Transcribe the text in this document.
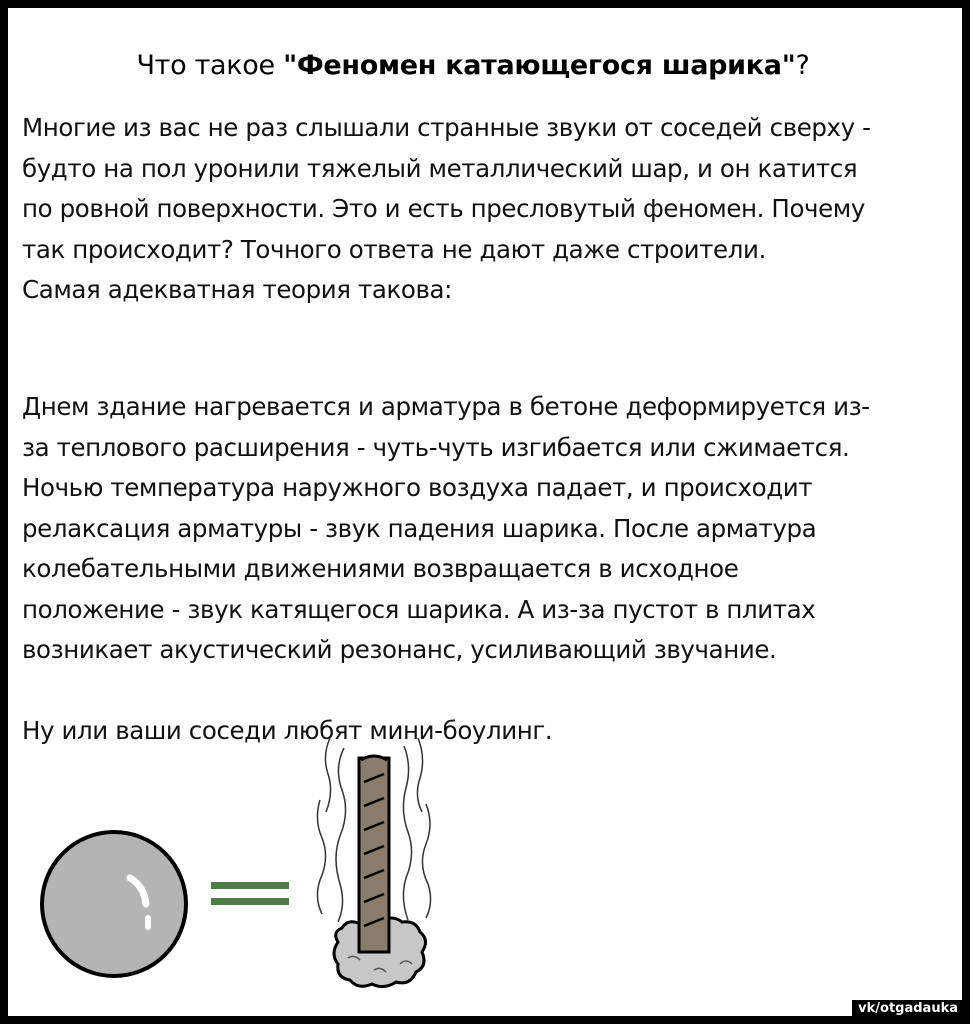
Что такое "Феномен катающегося шарика"?

Многие из вас не раз слышали странные звуки от соседей сверху -

будто на пол уронили тяжелый металлический шар, и он катится

по ровной поверхности. Это и есть пресловутый феномен. Почему

так происходит? Точного ответа не дают даже строители.

Самая адекватная теория такова:

Днем здание нагревается и арматура в бетоне деформируется из-

за теплового расширения - чуть-чуть изгибается или сжимается.

Ночью температура наружного воздуха падает, и происходит

релаксация арматуры - звук падения шарика. После арматура

колебательными движениями возвращается в исходное

положение - звук катящегося шарика. А из-за пустот в плитах

возникает акустический резонанс, усиливающий звучание.

Ну или ваши соседи любят мини-боулинг.

vk/otgadauka
